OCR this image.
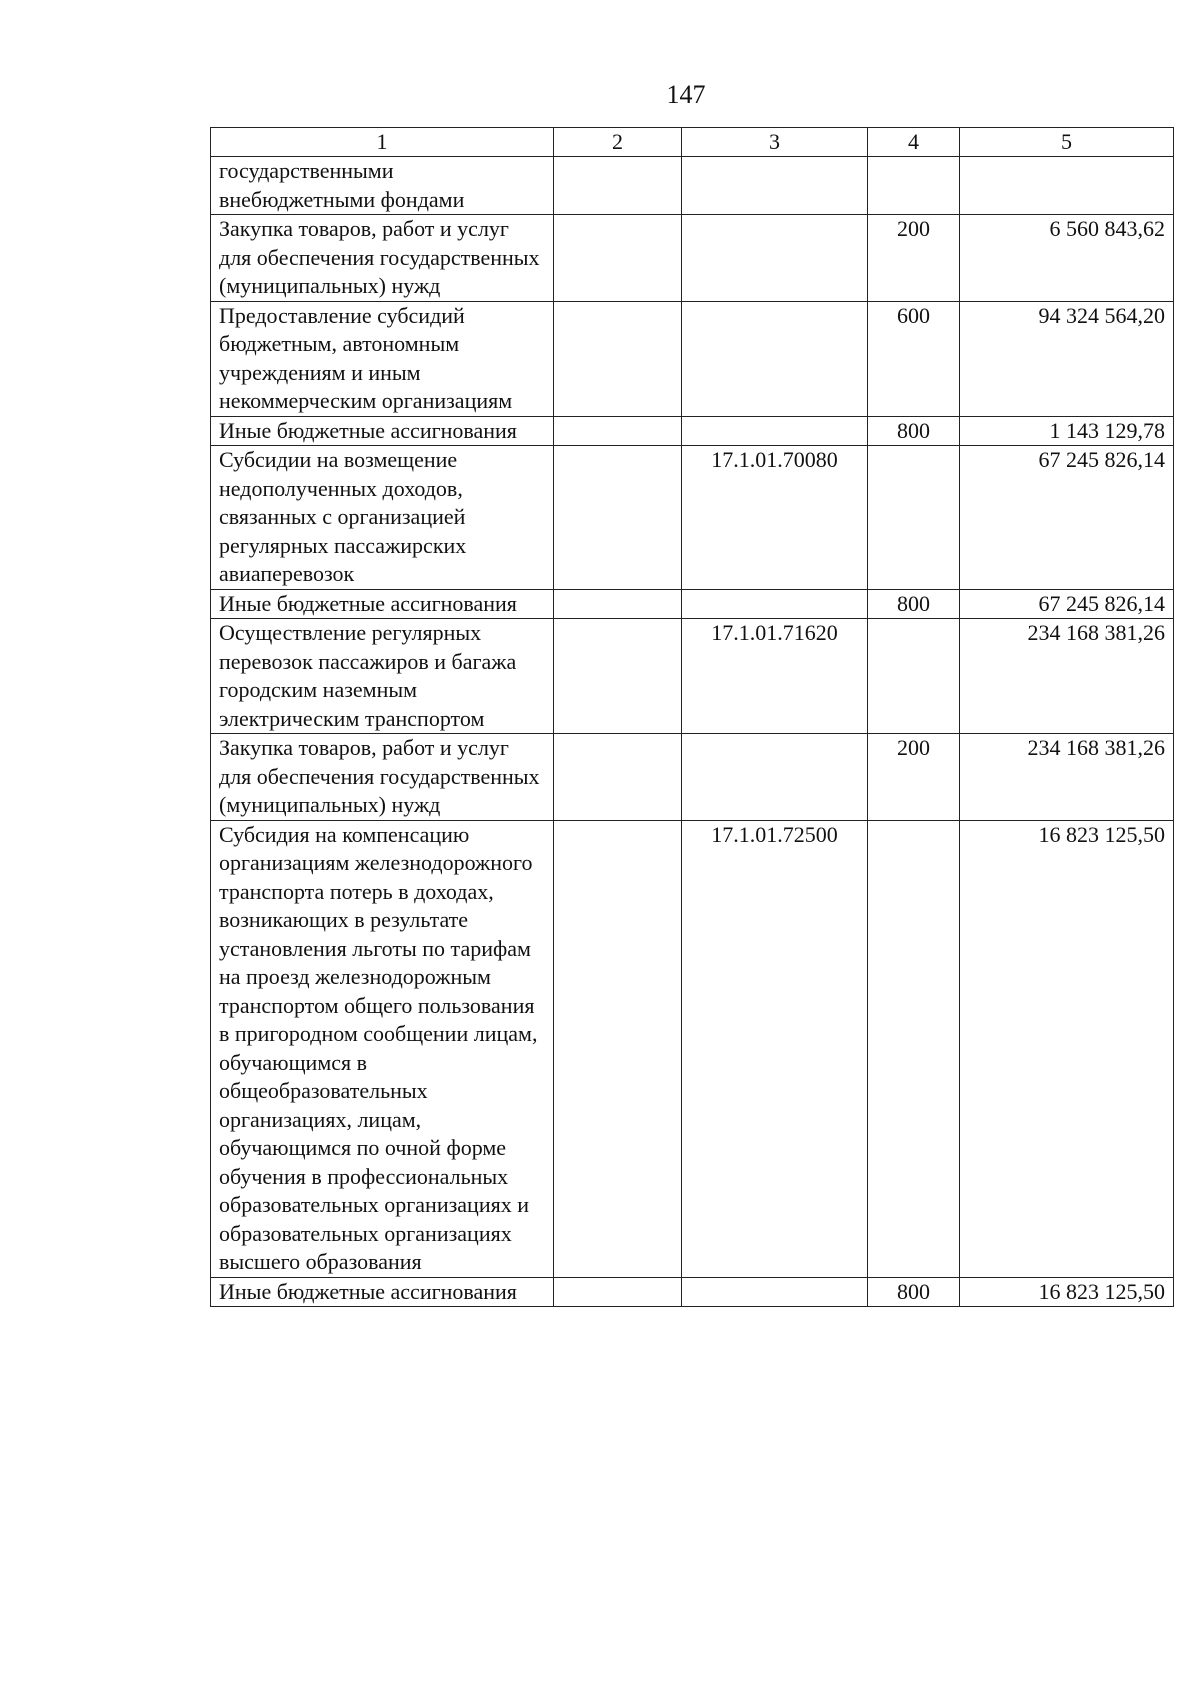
147
1	2	3	4	5
государственными внебюджетными фондами				
Закупка товаров, работ и услуг для обеспечения государственных (муниципальных) нужд			200	6 560 843,62
Предоставление субсидий бюджетным, автономным учреждениям и иным некоммерческим организациям			600	94 324 564,20
Иные бюджетные ассигнования			800	1 143 129,78
Субсидии на возмещение недополученных доходов, связанных с организацией регулярных пассажирских авиаперевозок		17.1.01.70080		67 245 826,14
Иные бюджетные ассигнования			800	67 245 826,14
Осуществление регулярных перевозок пассажиров и багажа городским наземным электрическим транспортом		17.1.01.71620		234 168 381,26
Закупка товаров, работ и услуг для обеспечения государственных (муниципальных) нужд			200	234 168 381,26
Субсидия на компенсацию организациям железнодорожного транспорта потерь в доходах, возникающих в результате установления льготы по тарифам на проезд железнодорожным транспортом общего пользования в пригородном сообщении лицам, обучающимся в общеобразовательных организациях, лицам, обучающимся по очной форме обучения в профессиональных образовательных организациях и образовательных организациях высшего образования		17.1.01.72500		16 823 125,50
Иные бюджетные ассигнования			800	16 823 125,50
